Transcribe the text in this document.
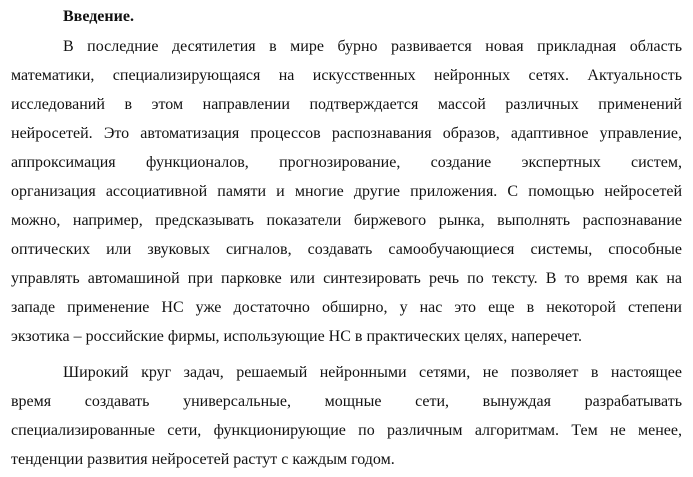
Введение.
В последние десятилетия в мире бурно развивается новая прикладная область
математики, специализирующаяся на искусственных нейронных сетях. Актуальность
исследований в этом направлении подтверждается массой различных применений
нейросетей. Это автоматизация процессов распознавания образов, адаптивное управление,
аппроксимация функционалов, прогнозирование, создание экспертных систем,
организация ассоциативной памяти и многие другие приложения. С помощью нейросетей
можно, например, предсказывать показатели биржевого рынка, выполнять распознавание
оптических или звуковых сигналов, создавать самообучающиеся системы, способные
управлять автомашиной при парковке или синтезировать речь по тексту. В то время как на
западе применение НС уже достаточно обширно, у нас это еще в некоторой степени
экзотика – российские фирмы, использующие НС в практических целях, наперечет.
Широкий круг задач, решаемый нейронными сетями, не позволяет в настоящее
время создавать универсальные, мощные сети, вынуждая разрабатывать
специализированные сети, функционирующие по различным алгоритмам. Тем не менее,
тенденции развития нейросетей растут с каждым годом.
